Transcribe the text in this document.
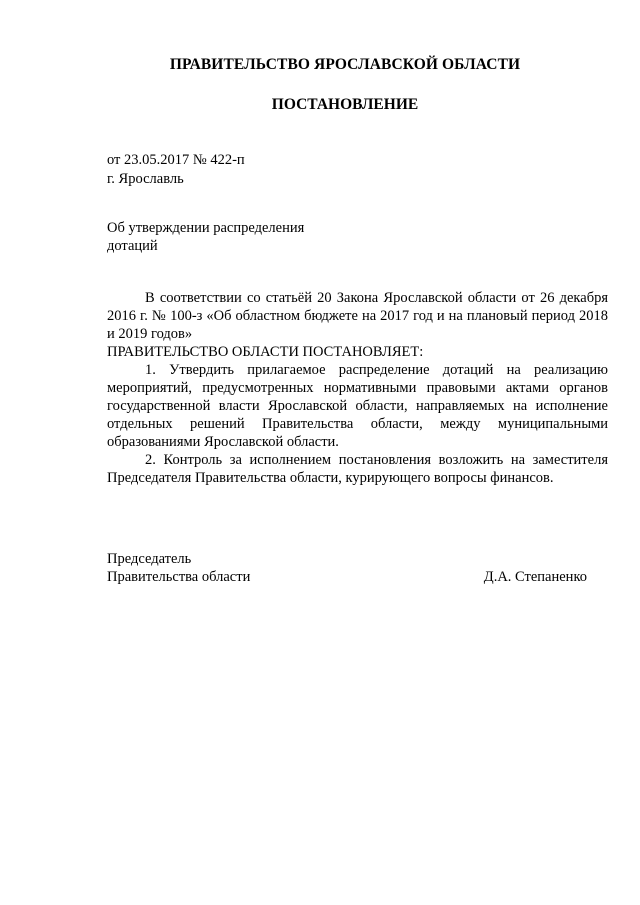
ПРАВИТЕЛЬСТВО ЯРОСЛАВСКОЙ ОБЛАСТИ
ПОСТАНОВЛЕНИЕ
от 23.05.2017 № 422-п
г. Ярославль
Об утверждении распределения
дотаций

В соответствии со статьёй 20 Закона Ярославской области от 26 декабря 2016 г. № 100-з «Об областном бюджете на 2017 год и на плановый период 2018 и 2019 годов»

ПРАВИТЕЛЬСТВО ОБЛАСТИ ПОСТАНОВЛЯЕТ:

1. Утвердить прилагаемое распределение дотаций на реализацию мероприятий, предусмотренных нормативными правовыми актами органов государственной власти Ярославской области, направляемых на исполнение отдельных решений Правительства области, между муниципальными образованиями Ярославской области.

2. Контроль за исполнением постановления возложить на заместителя Председателя Правительства области, курирующего вопросы финансов.

Председатель
Правительства области	Д.А. Степаненко
